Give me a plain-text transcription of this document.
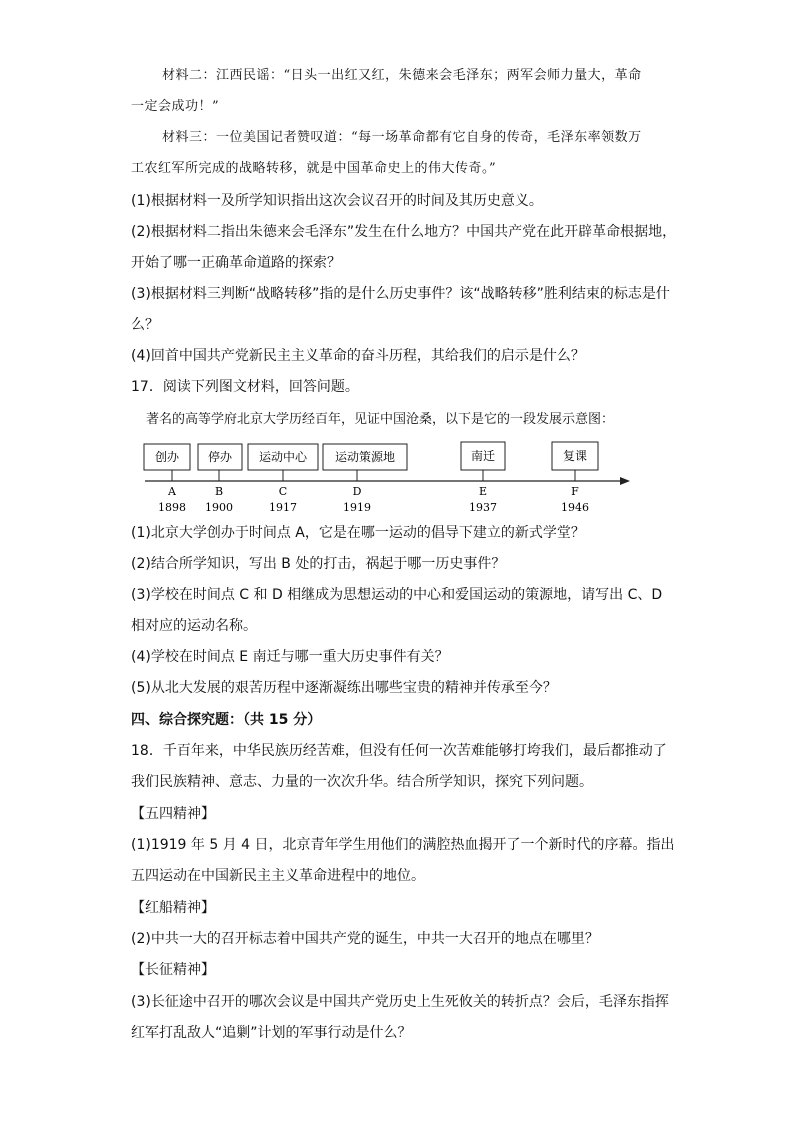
材料二：江西民谣：“日头一出红又红，朱德来会毛泽东；两军会师力量大，革命
一定会成功！”
材料三：一位美国记者赞叹道：“每一场革命都有它自身的传奇，毛泽东率领数万
工农红军所完成的战略转移，就是中国革命史上的伟大传奇。”
(1)根据材料一及所学知识指出这次会议召开的时间及其历史意义。
(2)根据材料二指出朱德来会毛泽东”发生在什么地方？中国共产党在此开辟革命根据地，
开始了哪一正确革命道路的探索？
(3)根据材料三判断“战略转移”指的是什么历史事件？该“战略转移”胜利结束的标志是什
么？
(4)回首中国共产党新民主主义革命的奋斗历程，其给我们的启示是什么？
17．阅读下列图文材料，回答问题。
著名的高等学府北京大学历经百年，见证中国沧桑，以下是它的一段发展示意图：
创办
A
1898
停办
B
1900
运动中心
C
1917
运动策源地
D
1919
南迁
E
1937
复课
F
1946
(1)北京大学创办于时间点 A，它是在哪一运动的倡导下建立的新式学堂？
(2)结合所学知识，写出 B 处的打击，祸起于哪一历史事件？
(3)学校在时间点 C 和 D 相继成为思想运动的中心和爱国运动的策源地，请写出 C、D
相对应的运动名称。
(4)学校在时间点 E 南迁与哪一重大历史事件有关？
(5)从北大发展的艰苦历程中逐渐凝练出哪些宝贵的精神并传承至今？
四、综合探究题：（共 15 分）
18．千百年来，中华民族历经苦难，但没有任何一次苦难能够打垮我们，最后都推动了
我们民族精神、意志、力量的一次次升华。结合所学知识，探究下列问题。
【五四精神】
(1)1919 年 5 月 4 日，北京青年学生用他们的满腔热血揭开了一个新时代的序幕。指出
五四运动在中国新民主主义革命进程中的地位。
【红船精神】
(2)中共一大的召开标志着中国共产党的诞生，中共一大召开的地点在哪里？
【长征精神】
(3)长征途中召开的哪次会议是中国共产党历史上生死攸关的转折点？会后，毛泽东指挥
红军打乱敌人“追剿”计划的军事行动是什么？
